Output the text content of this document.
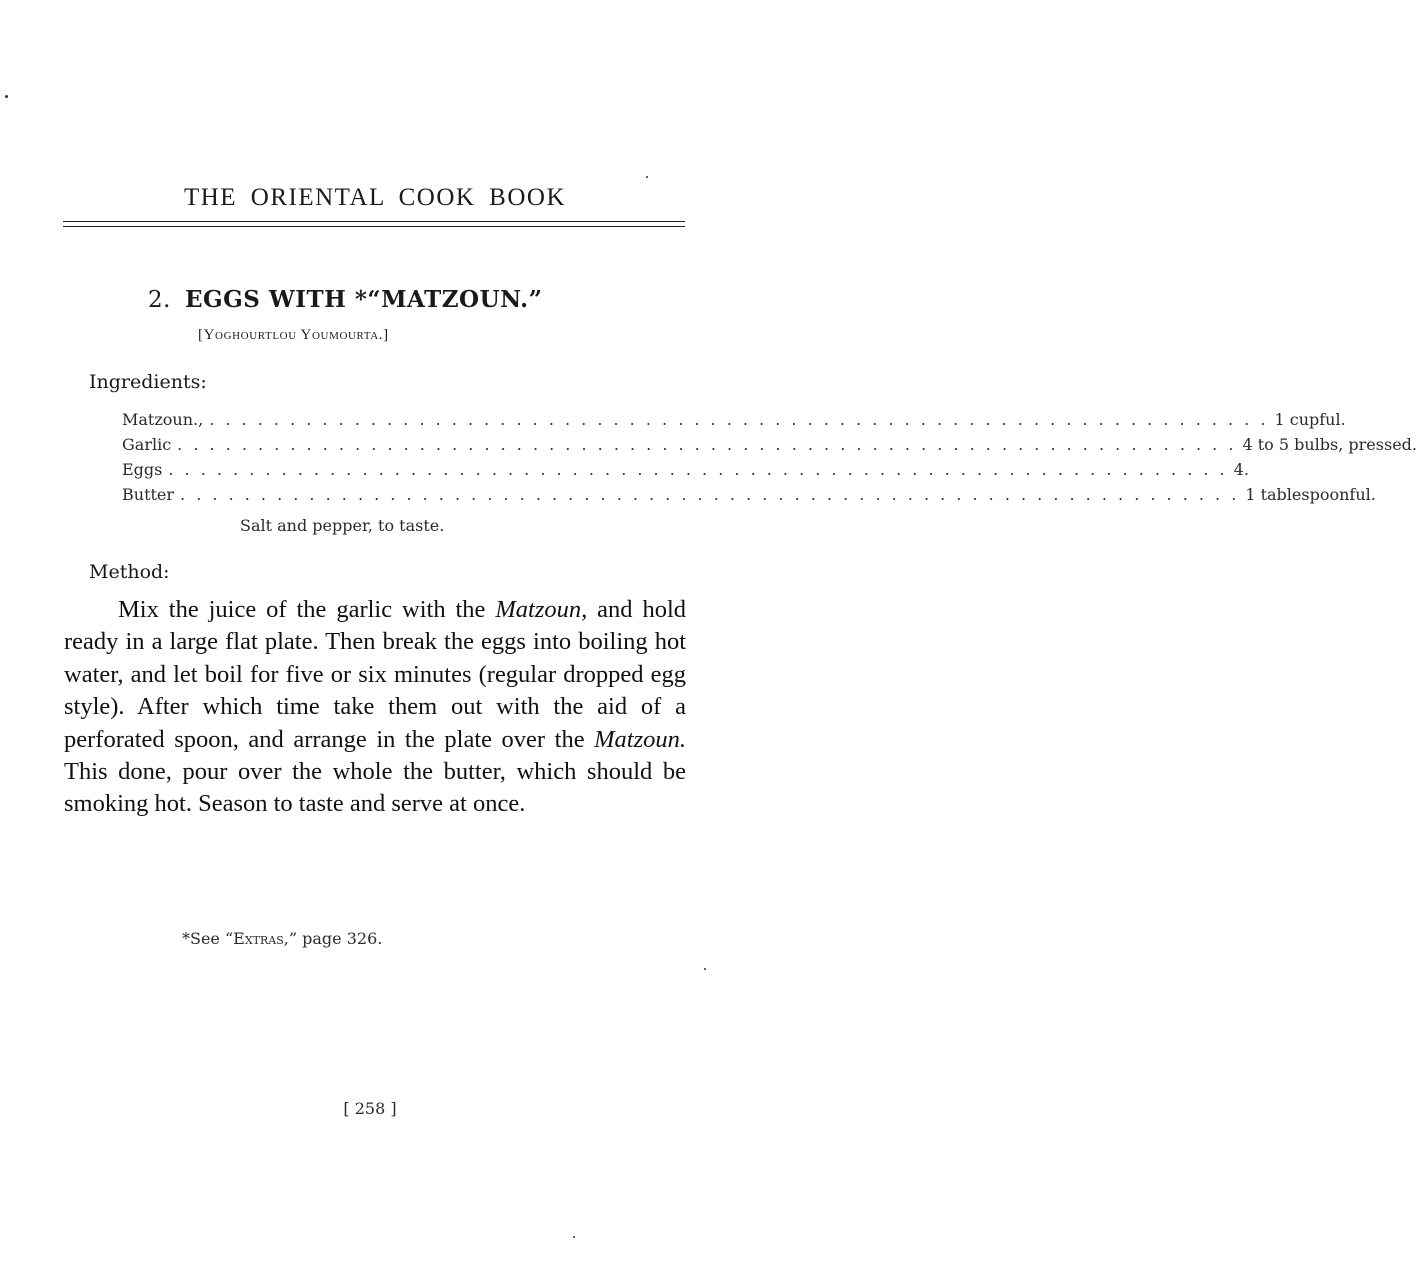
THE ORIENTAL COOK BOOK
2. EGGS WITH *“MATZOUN.”
[Yoghourtlou Youmourta.]
Ingredients:
Matzoun., . . . . . . . . . . . . . . . . . . . . . . . . . . . . . . . . . . . . . . . . . . . . . . . . . . . . . . . . . . . . . . . . . . 1 cupful.
Garlic . . . . . . . . . . . . . . . . . . . . . . . . . . . . . . . . . . . . . . . . . . . . . . . . . . . . . . . . . . . . . . . . . . 4 to 5 bulbs, pressed.
Eggs . . . . . . . . . . . . . . . . . . . . . . . . . . . . . . . . . . . . . . . . . . . . . . . . . . . . . . . . . . . . . . . . . . 4.
Butter . . . . . . . . . . . . . . . . . . . . . . . . . . . . . . . . . . . . . . . . . . . . . . . . . . . . . . . . . . . . . . . . . . 1 tablespoonful.
Salt and pepper, to taste.
Method:

Mix the juice of the garlic with the Matzoun, and hold ready in a large flat plate. Then break the eggs into boiling hot water, and let boil for five or six minutes (regular dropped egg style). After which time take them out with the aid of a perforated spoon, and arrange in the plate over the Matzoun. This done, pour over the whole the butter, which should be smoking hot. Season to taste and serve at once.

*See “Extras,” page 326.
[ 258 ]
